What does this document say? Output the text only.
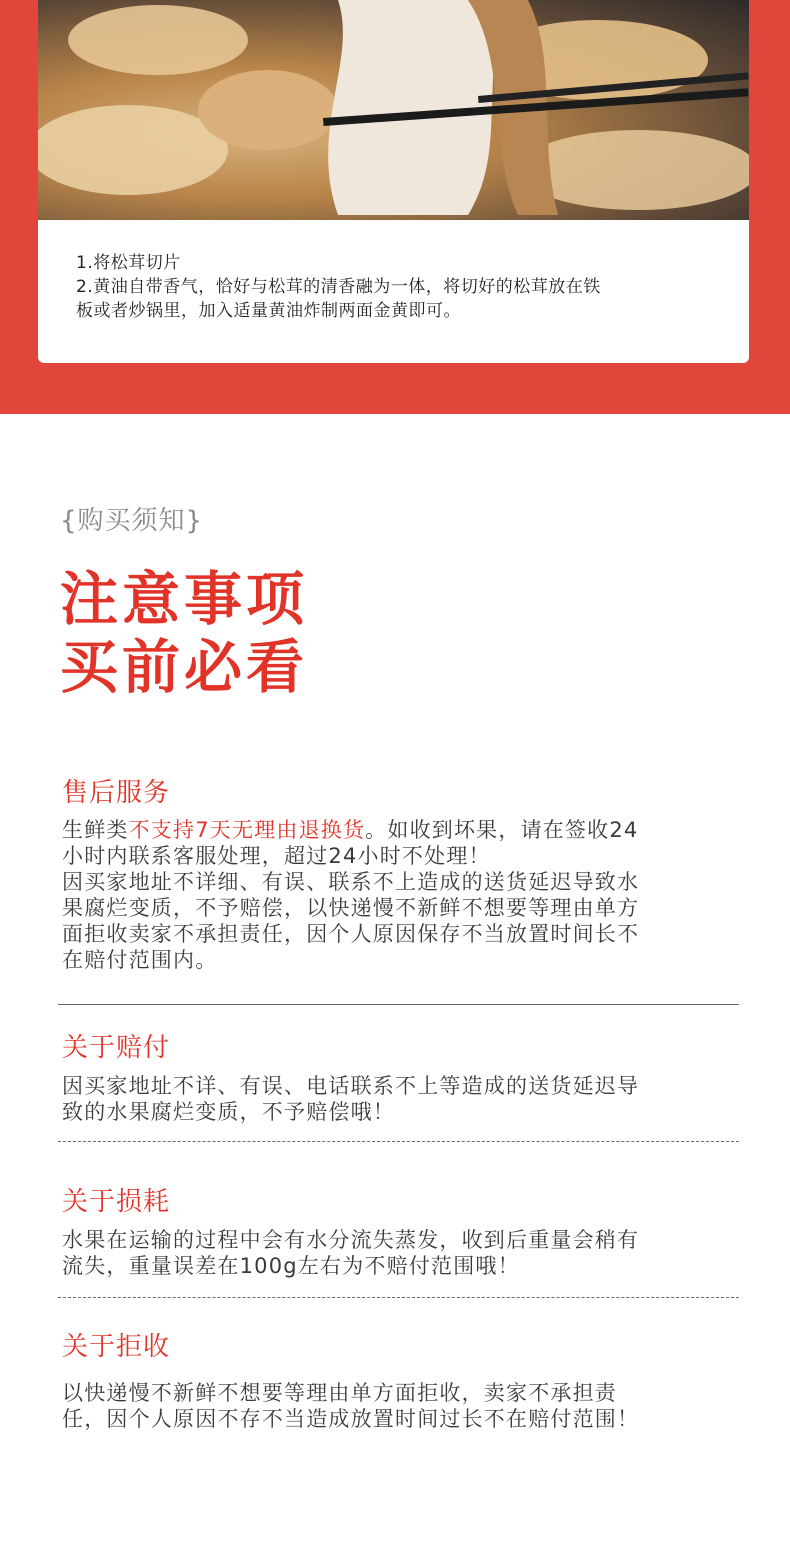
1.将松茸切片
2.黄油自带香气，恰好与松茸的清香融为一体，将切好的松茸放在铁
板或者炒锅里，加入适量黄油炸制两面金黄即可。
{购买须知}
注意事项
买前必看
售后服务
生鲜类不支持7天无理由退换货。如收到坏果，请在签收24
小时内联系客服处理，超过24小时不处理！
因买家地址不详细、有误、联系不上造成的送货延迟导致水
果腐烂变质，不予赔偿，以快递慢不新鲜不想要等理由单方
面拒收卖家不承担责任，因个人原因保存不当放置时间长不
在赔付范围内。
关于赔付
因买家地址不详、有误、电话联系不上等造成的送货延迟导
致的水果腐烂变质，不予赔偿哦！
关于损耗
水果在运输的过程中会有水分流失蒸发，收到后重量会稍有
流失，重量误差在100g左右为不赔付范围哦！
关于拒收
以快递慢不新鲜不想要等理由单方面拒收，卖家不承担责
任，因个人原因不存不当造成放置时间过长不在赔付范围！
